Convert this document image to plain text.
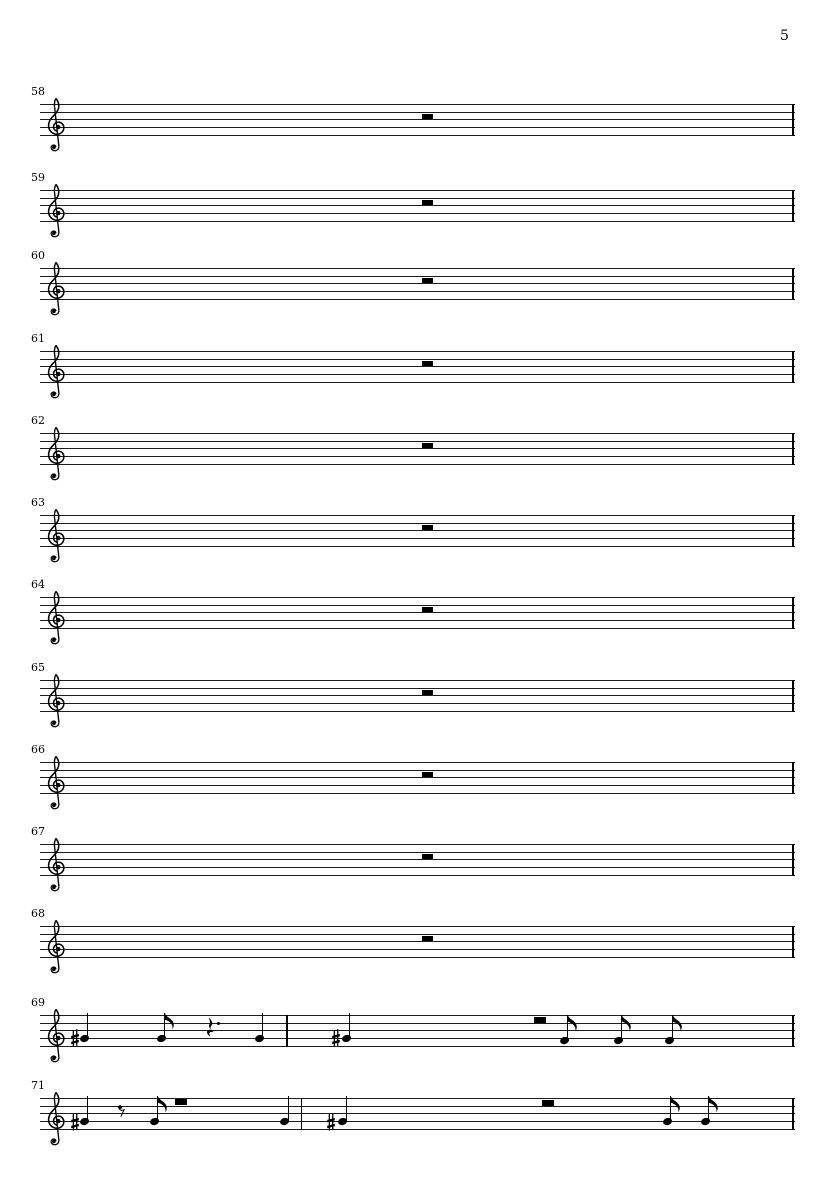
5
58
59
60
61
62
63
64
65
66
67
68
69
71
